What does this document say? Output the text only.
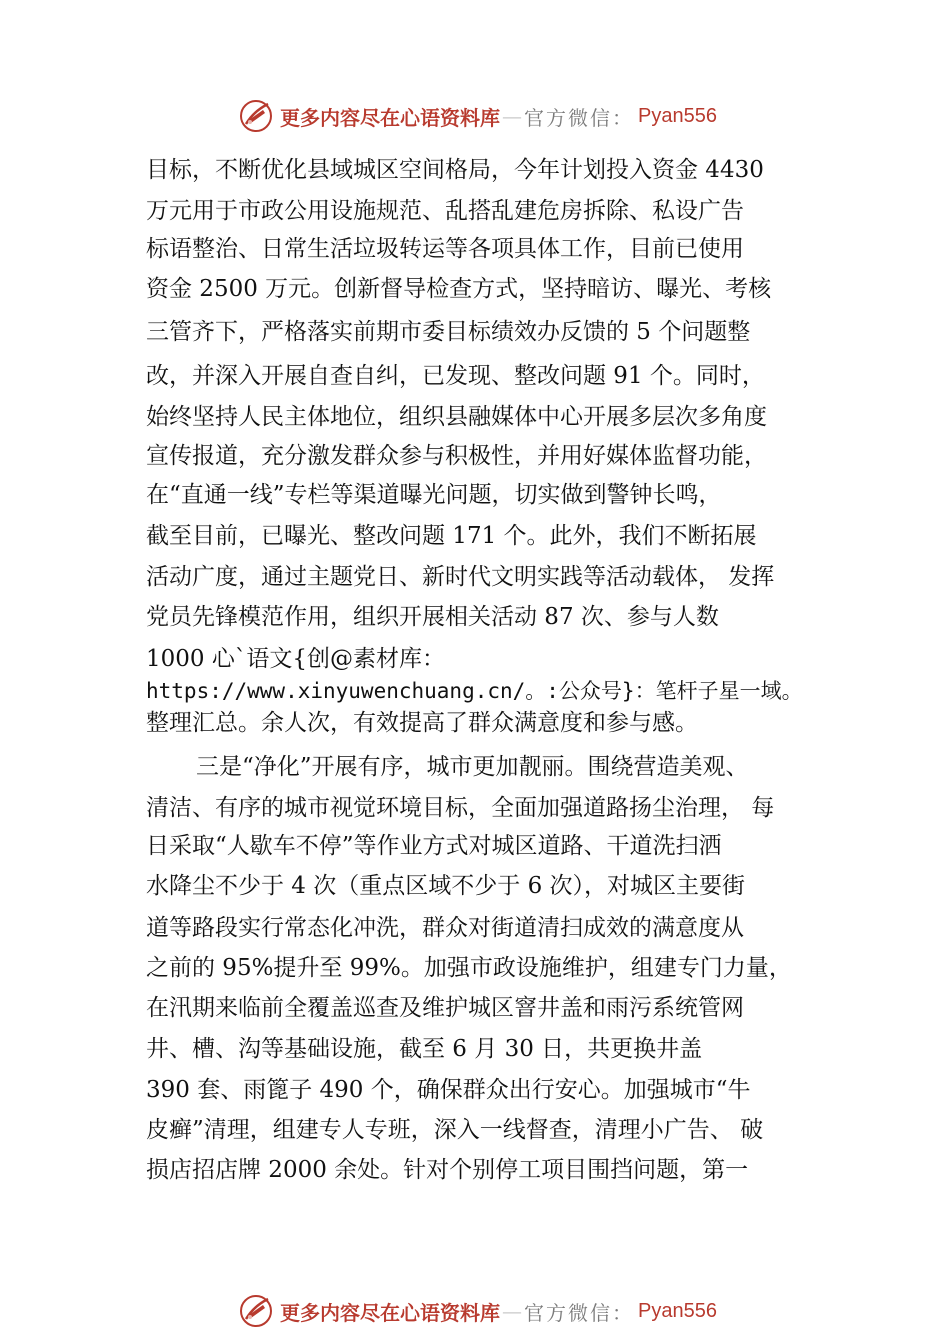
更多内容尽在心语资料库 — 官方微信： Pyan556
目标，不断优化县域城区空间格局，今年计划投入资金 4430
万元用于市政公用设施规范、乱搭乱建危房拆除、私设广告
标语整治、日常生活垃圾转运等各项具体工作，目前已使用
资金 2500 万元。创新督导检查方式，坚持暗访、曝光、考核
三管齐下，严格落实前期市委目标绩效办反馈的 5 个问题整
改，并深入开展自查自纠，已发现、整改问题 91 个。同时，
始终坚持人民主体地位，组织县融媒体中心开展多层次多角度
宣传报道，充分激发群众参与积极性，并用好媒体监督功能，
在“直通一线”专栏等渠道曝光问题，切实做到警钟长鸣，
截至目前，已曝光、整改问题 171 个。此外，我们不断拓展
活动广度，通过主题党日、新时代文明实践等活动载体， 发挥
党员先锋模范作用，组织开展相关活动 87 次、参与人数
1000 心`语文{创@素材库：
https://www.xinyuwenchuang.cn/。:公众号}：笔杆子星一域。
整理汇总。余人次，有效提高了群众满意度和参与感。
三是“净化”开展有序，城市更加靓丽。围绕营造美观、
清洁、有序的城市视觉环境目标，全面加强道路扬尘治理， 每
日采取“人歇车不停”等作业方式对城区道路、干道洗扫洒
水降尘不少于 4 次（重点区域不少于 6 次），对城区主要街
道等路段实行常态化冲洗，群众对街道清扫成效的满意度从
之前的 95%提升至 99%。加强市政设施维护，组建专门力量，
在汛期来临前全覆盖巡查及维护城区窨井盖和雨污系统管网
井、槽、沟等基础设施，截至 6 月 30 日，共更换井盖
390 套、雨篦子 490 个，确保群众出行安心。加强城市“牛
皮癣”清理，组建专人专班，深入一线督查，清理小广告、 破
损店招店牌 2000 余处。针对个别停工项目围挡问题，第一
更多内容尽在心语资料库 — 官方微信： Pyan556
